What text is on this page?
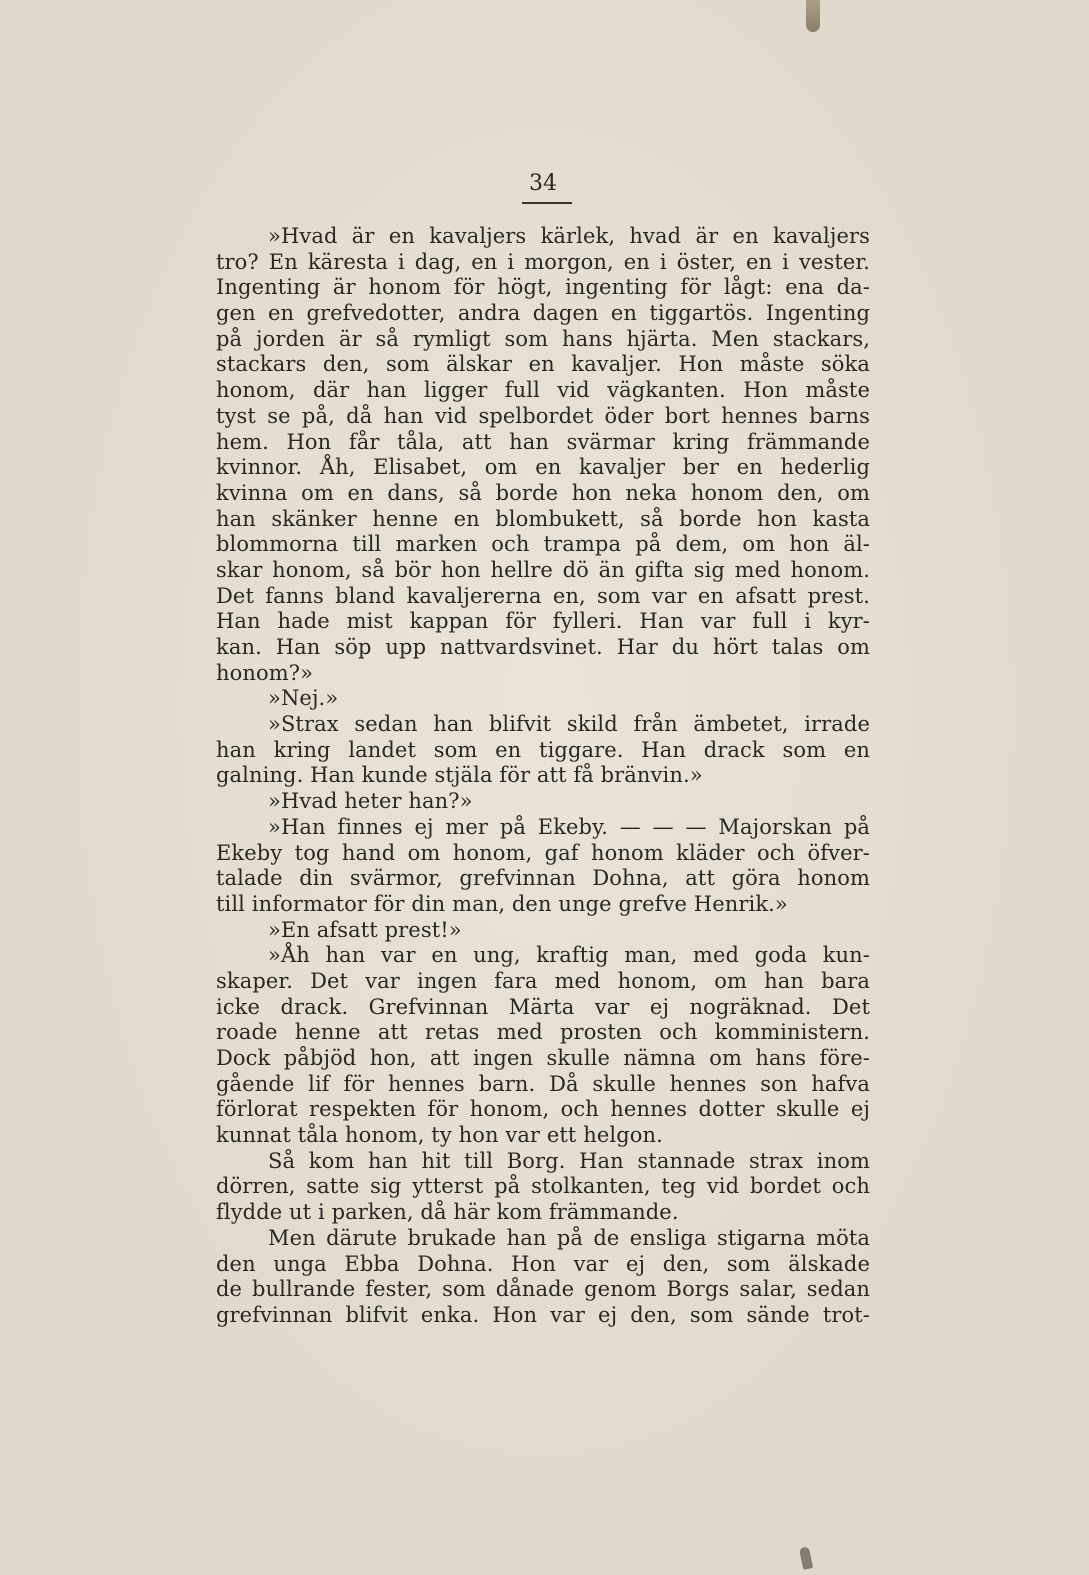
34
»Hvad är en kavaljers kärlek, hvad är en kavaljers
tro? En käresta i dag, en i morgon, en i öster, en i vester.
Ingenting är honom för högt, ingenting för lågt: ena da-
gen en grefvedotter, andra dagen en tiggartös. Ingenting
på jorden är så rymligt som hans hjärta. Men stackars,
stackars den, som älskar en kavaljer. Hon måste söka
honom, där han ligger full vid vägkanten. Hon måste
tyst se på, då han vid spelbordet öder bort hennes barns
hem. Hon får tåla, att han svärmar kring främmande
kvinnor. Åh, Elisabet, om en kavaljer ber en hederlig
kvinna om en dans, så borde hon neka honom den, om
han skänker henne en blombukett, så borde hon kasta
blommorna till marken och trampa på dem, om hon äl-
skar honom, så bör hon hellre dö än gifta sig med honom.
Det fanns bland kavaljererna en, som var en afsatt prest.
Han hade mist kappan för fylleri. Han var full i kyr-
kan. Han söp upp nattvardsvinet. Har du hört talas om
honom?»
»Nej.»
»Strax sedan han blifvit skild från ämbetet, irrade
han kring landet som en tiggare. Han drack som en
galning. Han kunde stjäla för att få bränvin.»
»Hvad heter han?»
»Han finnes ej mer på Ekeby. — — — Majorskan på
Ekeby tog hand om honom, gaf honom kläder och öfver-
talade din svärmor, grefvinnan Dohna, att göra honom
till informator för din man, den unge grefve Henrik.»
»En afsatt prest!»
»Åh han var en ung, kraftig man, med goda kun-
skaper. Det var ingen fara med honom, om han bara
icke drack. Grefvinnan Märta var ej nogräknad. Det
roade henne att retas med prosten och komministern.
Dock påbjöd hon, att ingen skulle nämna om hans före-
gående lif för hennes barn. Då skulle hennes son hafva
förlorat respekten för honom, och hennes dotter skulle ej
kunnat tåla honom, ty hon var ett helgon.
Så kom han hit till Borg. Han stannade strax inom
dörren, satte sig ytterst på stolkanten, teg vid bordet och
flydde ut i parken, då här kom främmande.
Men därute brukade han på de ensliga stigarna möta
den unga Ebba Dohna. Hon var ej den, som älskade
de bullrande fester, som dånade genom Borgs salar, sedan
grefvinnan blifvit enka. Hon var ej den, som sände trot-
